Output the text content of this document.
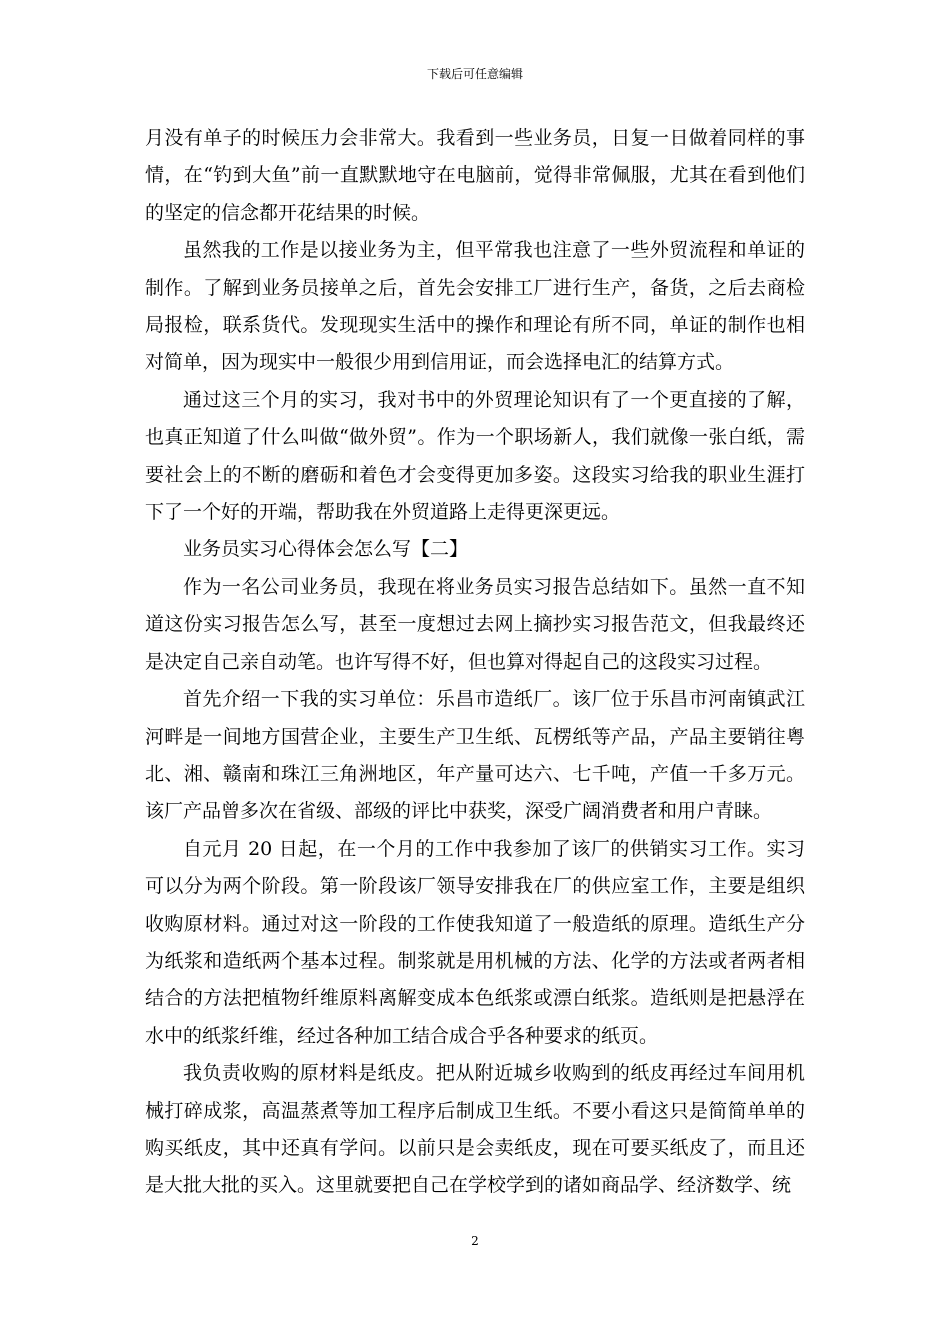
下载后可任意编辑

月没有单子的时候压力会非常大。我看到一些业务员，日复一日做着同样的事情，在“钓到大鱼”前一直默默地守在电脑前，觉得非常佩服，尤其在看到他们的坚定的信念都开花结果的时候。

虽然我的工作是以接业务为主，但平常我也注意了一些外贸流程和单证的制作。了解到业务员接单之后，首先会安排工厂进行生产，备货，之后去商检局报检，联系货代。发现现实生活中的操作和理论有所不同，单证的制作也相对简单，因为现实中一般很少用到信用证，而会选择电汇的结算方式。

通过这三个月的实习，我对书中的外贸理论知识有了一个更直接的了解，也真正知道了什么叫做“做外贸”。作为一个职场新人，我们就像一张白纸，需要社会上的不断的磨砺和着色才会变得更加多姿。这段实习给我的职业生涯打下了一个好的开端，帮助我在外贸道路上走得更深更远。

业务员实习心得体会怎么写【二】

作为一名公司业务员，我现在将业务员实习报告总结如下。虽然一直不知道这份实习报告怎么写，甚至一度想过去网上摘抄实习报告范文，但我最终还是决定自己亲自动笔。也许写得不好，但也算对得起自己的这段实习过程。

首先介绍一下我的实习单位：乐昌市造纸厂。该厂位于乐昌市河南镇武江河畔是一间地方国营企业，主要生产卫生纸、瓦楞纸等产品，产品主要销往粤北、湘、赣南和珠江三角洲地区，年产量可达六、七千吨，产值一千多万元。该厂产品曾多次在省级、部级的评比中获奖，深受广阔消费者和用户青睐。

自元月 20 日起，在一个月的工作中我参加了该厂的供销实习工作。实习可以分为两个阶段。第一阶段该厂领导安排我在厂的供应室工作，主要是组织收购原材料。通过对这一阶段的工作使我知道了一般造纸的原理。造纸生产分为纸浆和造纸两个基本过程。制浆就是用机械的方法、化学的方法或者两者相结合的方法把植物纤维原料离解变成本色纸浆或漂白纸浆。造纸则是把悬浮在水中的纸浆纤维，经过各种加工结合成合乎各种要求的纸页。

我负责收购的原材料是纸皮。把从附近城乡收购到的纸皮再经过车间用机械打碎成浆，高温蒸煮等加工程序后制成卫生纸。不要小看这只是简简单单的购买纸皮，其中还真有学问。以前只是会卖纸皮，现在可要买纸皮了，而且还是大批大批的买入。这里就要把自己在学校学到的诸如商品学、经济数学、统

2
